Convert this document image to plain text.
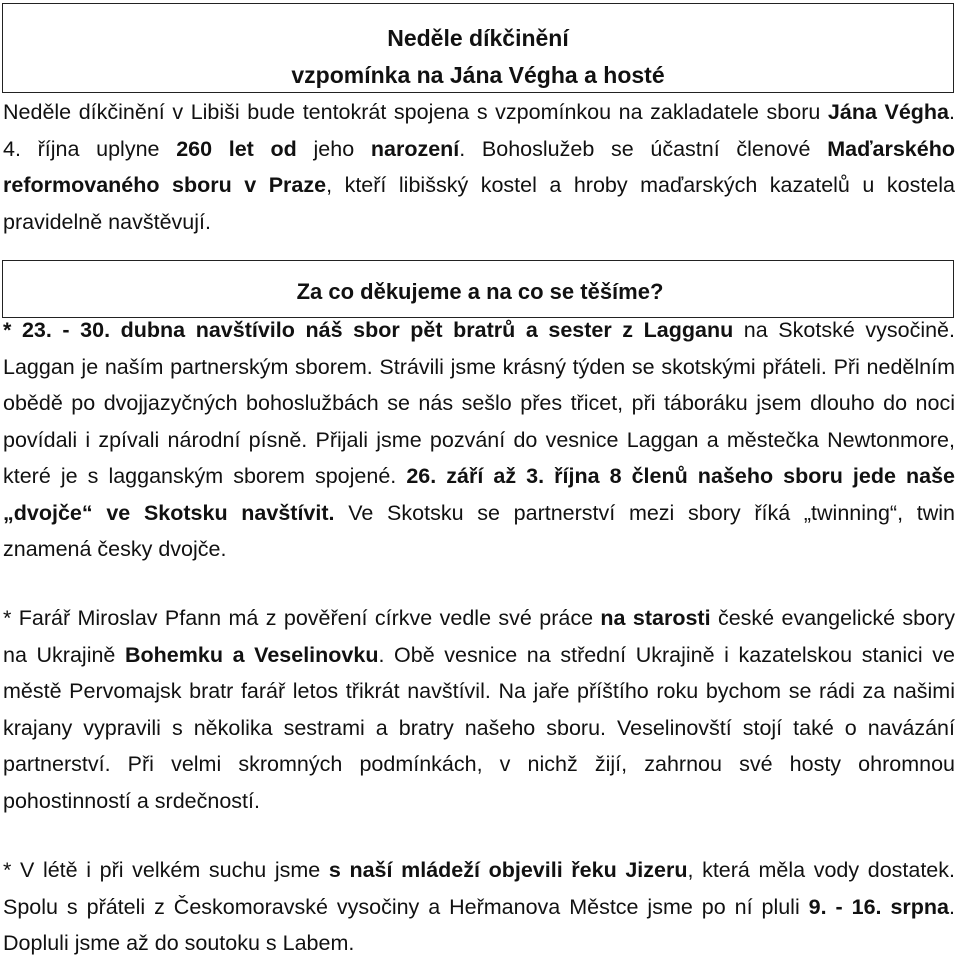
Neděle díkčinění
vzpomínka na Jána Végha a hosté

Neděle díkčinění v Libiši bude tentokrát spojena s vzpomínkou na zakladatele sboru Jána Végha. 4. října uplyne 260 let od jeho narození. Bohoslužeb se účastní členové Maďarského reformovaného sboru v Praze, kteří libišský kostel a hroby maďarských kazatelů u kostela pravidelně navštěvují.

Za co děkujeme a na co se těšíme?

* 23. - 30. dubna navštívilo náš sbor pět bratrů a sester z Lagganu na Skotské vysočině. Laggan je naším partnerským sborem. Strávili jsme krásný týden se skotskými přáteli. Při nedělním obědě po dvojjazyčných bohoslužbách se nás sešlo přes třicet, při táboráku jsem dlouho do noci povídali i zpívali národní písně. Přijali jsme pozvání do vesnice Laggan a městečka Newtonmore, které je s lagganským sborem spojené. 26. září až 3. října 8 členů našeho sboru jede naše „dvojče“ ve Skotsku navštívit. Ve Skotsku se partnerství mezi sbory říká „twinning“, twin znamená česky dvojče.

* Farář Miroslav Pfann má z pověření církve vedle své práce na starosti české evangelické sbory na Ukrajině Bohemku a Veselinovku. Obě vesnice na střední Ukrajině i kazatelskou stanici ve městě Pervomajsk bratr farář letos třikrát navštívil. Na jaře příštího roku bychom se rádi za našimi krajany vypravili s několika sestrami a bratry našeho sboru. Veselinovští stojí také o navázání partnerství. Při velmi skromných podmínkách, v nichž žijí, zahrnou své hosty ohromnou pohostinností a srdečností.

* V létě i při velkém suchu jsme s naší mládeží objevili řeku Jizeru, která měla vody dostatek. Spolu s přáteli z Českomoravské vysočiny a Heřmanova Městce jsme po ní pluli 9. - 16. srpna. Dopluli jsme až do soutoku s Labem.
